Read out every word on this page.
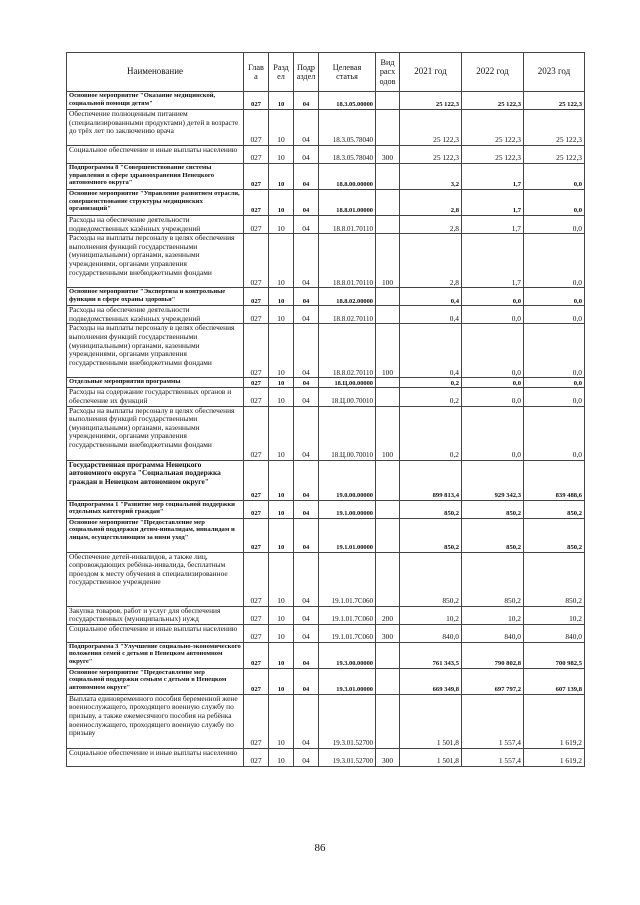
Наименование	Глав а	Разд ел	Подр аздел	Целевая статья	Вид расх одов	2021 год	2022 год	2023 год
Основное мероприятие "Оказание медицинской, социальной помощи детям"	027	10	04	18.3.05.00000		25 122,3	25 122,3	25 122,3
Обеспечение полноценным питанием (специализированными продуктами) детей в возрасте до трёх лет по заключению врача	027	10	04	18.3.05.78040		25 122,3	25 122,3	25 122,3
Социальное обеспечение и иные выплаты населению	027	10	04	18.3.05.78040	300	25 122,3	25 122,3	25 122,3
Подпрограмма 8 "Совершенствование системы управления в сфере здравоохранения Ненецкого автономного округа"	027	10	04	18.8.00.00000		3,2	1,7	0,0
Основное мероприятие "Управление развитием отрасли, совершенствование структуры медицинских организаций"	027	10	04	18.8.01.00000		2,8	1,7	0,0
Расходы на обеспечение деятельности подведомственных казённых учреждений	027	10	04	18.8.01.70110		2,8	1,7	0,0
Расходы на выплаты персоналу в целях обеспечения выполнения функций государственными (муниципальными) органами, казенными учреждениями, органами управления государственными внебюджетными фондами	027	10	04	18.8.01.70110	100	2,8	1,7	0,0
Основное мероприятие "Экспертиза и контрольные функции в сфере охраны здоровья"	027	10	04	18.8.02.00000		0,4	0,0	0,0
Расходы на обеспечение деятельности подведомственных казённых учреждений	027	10	04	18.8.02.70110		0,4	0,0	0,0
Расходы на выплаты персоналу в целях обеспечения выполнения функций государственными (муниципальными) органами, казенными учреждениями, органами управления государственными внебюджетными фондами	027	10	04	18.8.02.70110	100	0,4	0,0	0,0
Отдельные мероприятия программы	027	10	04	18.Ц.00.00000		0,2	0,0	0,0
Расходы на содержание государственных органов и обеспечение их функций	027	10	04	18.Ц.00.70010		0,2	0,0	0,0
Расходы на выплаты персоналу в целях обеспечения выполнения функций государственными (муниципальными) органами, казенными учреждениями, органами управления государственными внебюджетными фондами	027	10	04	18.Ц.00.70010	100	0,2	0,0	0,0
Государственная программа Ненецкого автономного округа "Социальная поддержка граждан в Ненецком автономном округе"	027	10	04	19.0.00.00000		899 813,4	929 342,3	839 488,6
Подпрограмма 1 "Развитие мер социальной поддержки отдельных категорий граждан"	027	10	04	19.1.00.00000		850,2	850,2	850,2
Основное мероприятие "Предоставление мер социальной поддержки детям-инвалидам, инвалидам и лицам, осуществляющим за ними уход"	027	10	04	19.1.01.00000		850,2	850,2	850,2
Обеспечение детей-инвалидов, а также лиц, сопровождающих ребёнка-инвалида, бесплатным проездом к месту обучения в специализированное государственное учреждение	027	10	04	19.1.01.7С060		850,2	850,2	850,2
Закупка товаров, работ и услуг для обеспечения государственных (муниципальных) нужд	027	10	04	19.1.01.7С060	200	10,2	10,2	10,2
Социальное обеспечение и иные выплаты населению	027	10	04	19.1.01.7С060	300	840,0	840,0	840,0
Подпрограмма 3 "Улучшение социально-экономического положения семей с детьми в Ненецком автономном округе"	027	10	04	19.3.00.00000		761 343,5	790 802,8	700 982,5
Основное мероприятие "Предоставление мер социальной поддержки семьям с детьми в Ненецком автономном округе"	027	10	04	19.3.01.00000		669 349,8	697 797,2	607 139,8
Выплата единовременного пособия беременной жене военнослужащего, проходящего военную службу по призыву, а также ежемесячного пособия на ребёнка военнослужащего, проходящего военную службу по призыву	027	10	04	19.3.01.52700		1 501,8	1 557,4	1 619,2
Социальное обеспечение и иные выплаты населению	027	10	04	19.3.01.52700	300	1 501,8	1 557,4	1 619,2
86
